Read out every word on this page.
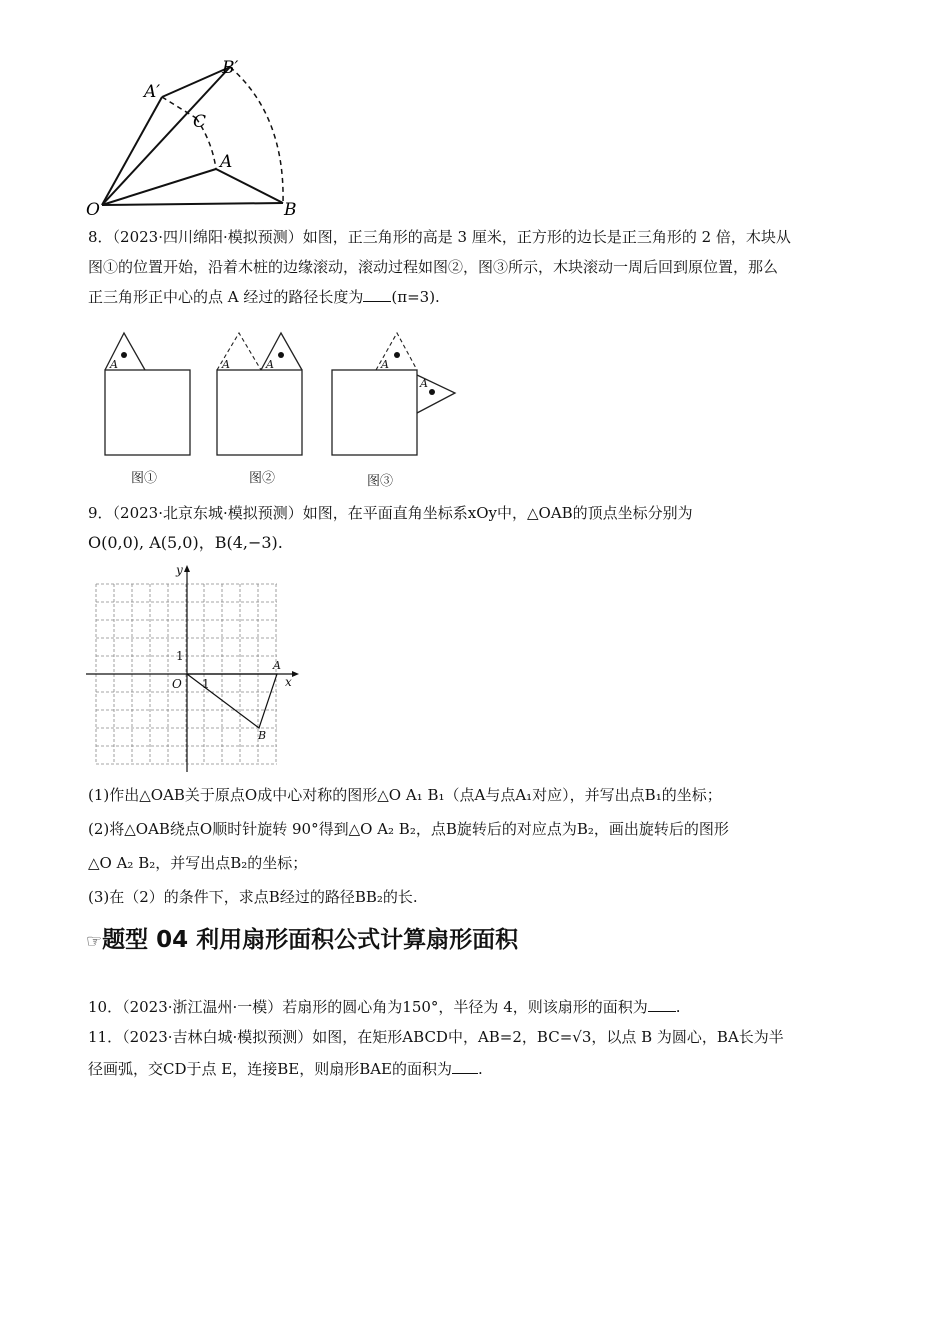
O	B
A
A′
B′
C
8．（2023·四川绵阳·模拟预测）如图，正三角形的高是 3 厘米，正方形的边长是正三角形的 2 倍，木块从
图①的位置开始，沿着木桩的边缘滚动，滚动过程如图②，图③所示，木块滚动一周后回到原位置，那么
正三角形正中心的点 A 经过的路径长度为 (π=3).
A	A	A	A
A
图①	图②	图③
9．（2023·北京东城·模拟预测）如图，在平面直角坐标系xOy中，△OAB的顶点坐标分别为
O(0,0), A(5,0)，B(4,−3).
y
x
O 1
1
A
B
(1)作出△OAB关于原点O成中心对称的图形△O A₁ B₁（点A与点A₁对应），并写出点B₁的坐标；
(2)将△OAB绕点O顺时针旋转 90°得到△O A₂ B₂，点B旋转后的对应点为B₂，画出旋转后的图形
△O A₂ B₂，并写出点B₂的坐标；
(3)在（2）的条件下，求点B经过的路径BB₂的长.
☞题型 04 利用扇形面积公式计算扇形面积
10．（2023·浙江温州·一模）若扇形的圆心角为150°，半径为 4，则该扇形的面积为 .
11．（2023·吉林白城·模拟预测）如图，在矩形ABCD中，AB=2，BC=√3，以点 B 为圆心，BA长为半
径画弧，交CD于点 E，连接BE，则扇形BAE的面积为 .
